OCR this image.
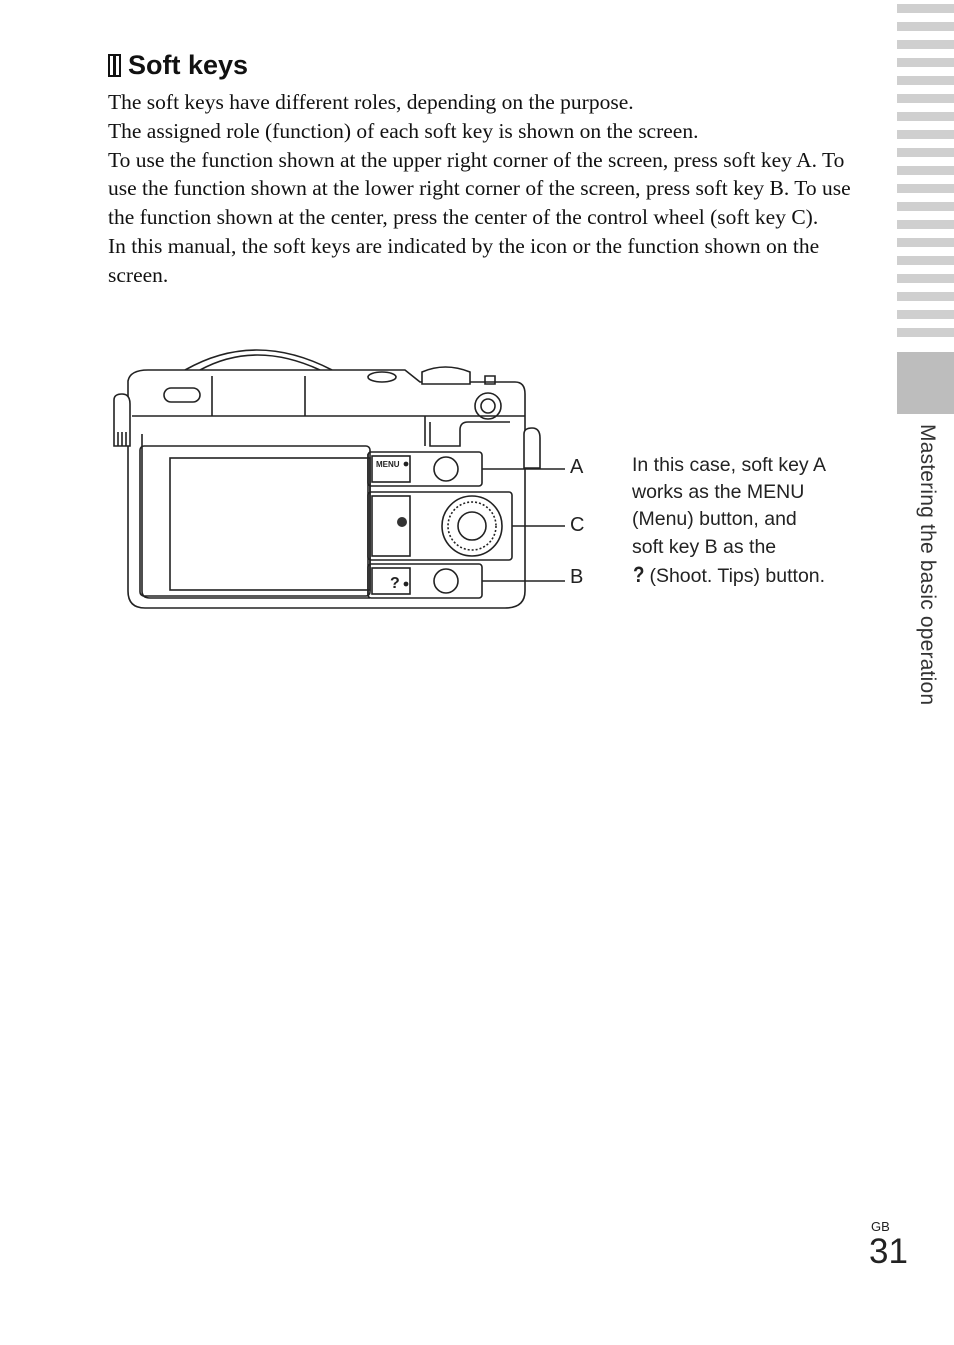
Soft keys

The soft keys have different roles, depending on the purpose.

The assigned role (function) of each soft key is shown on the screen.

To use the function shown at the upper right corner of the screen, press soft key A. To use the function shown at the lower right corner of the screen, press soft key B. To use the function shown at the center, press the center of the control wheel (soft key C).

In this manual, the soft keys are indicated by the icon or the function shown on the screen.

MENU
?
A
C
B

In this case, soft key A

works as the MENU

(Menu) button, and

soft key B as the

? (Shoot. Tips) button.	Mastering the basic operation
GB
31
